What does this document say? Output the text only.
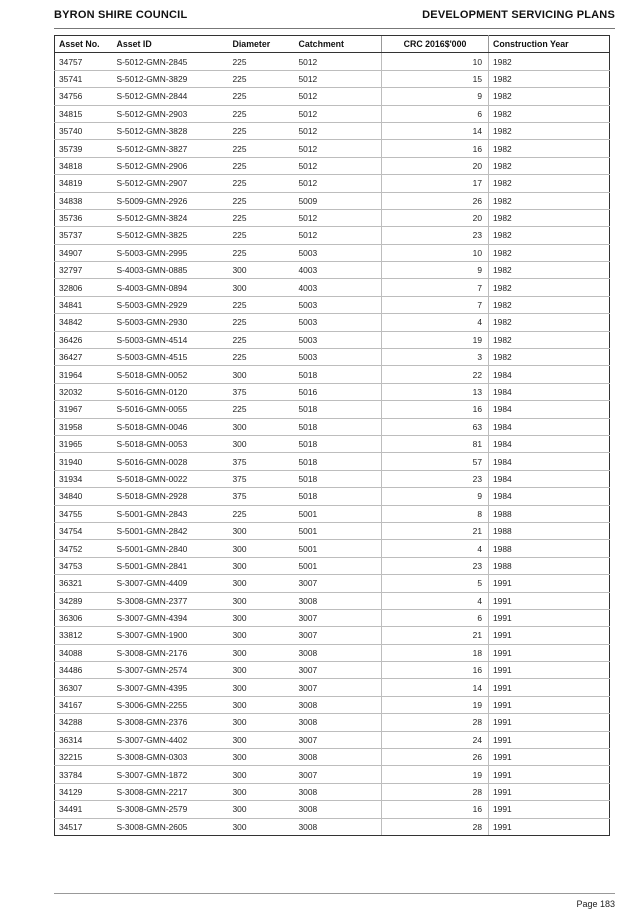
BYRON SHIRE COUNCIL	DEVELOPMENT SERVICING PLANS
Asset No.	Asset ID	Diameter	Catchment	CRC 2016$'000	Construction Year
34757	S-5012-GMN-2845	225	5012	10	1982
35741	S-5012-GMN-3829	225	5012	15	1982
34756	S-5012-GMN-2844	225	5012	9	1982
34815	S-5012-GMN-2903	225	5012	6	1982
35740	S-5012-GMN-3828	225	5012	14	1982
35739	S-5012-GMN-3827	225	5012	16	1982
34818	S-5012-GMN-2906	225	5012	20	1982
34819	S-5012-GMN-2907	225	5012	17	1982
34838	S-5009-GMN-2926	225	5009	26	1982
35736	S-5012-GMN-3824	225	5012	20	1982
35737	S-5012-GMN-3825	225	5012	23	1982
34907	S-5003-GMN-2995	225	5003	10	1982
32797	S-4003-GMN-0885	300	4003	9	1982
32806	S-4003-GMN-0894	300	4003	7	1982
34841	S-5003-GMN-2929	225	5003	7	1982
34842	S-5003-GMN-2930	225	5003	4	1982
36426	S-5003-GMN-4514	225	5003	19	1982
36427	S-5003-GMN-4515	225	5003	3	1982
31964	S-5018-GMN-0052	300	5018	22	1984
32032	S-5016-GMN-0120	375	5016	13	1984
31967	S-5016-GMN-0055	225	5018	16	1984
31958	S-5018-GMN-0046	300	5018	63	1984
31965	S-5018-GMN-0053	300	5018	81	1984
31940	S-5016-GMN-0028	375	5018	57	1984
31934	S-5018-GMN-0022	375	5018	23	1984
34840	S-5018-GMN-2928	375	5018	9	1984
34755	S-5001-GMN-2843	225	5001	8	1988
34754	S-5001-GMN-2842	300	5001	21	1988
34752	S-5001-GMN-2840	300	5001	4	1988
34753	S-5001-GMN-2841	300	5001	23	1988
36321	S-3007-GMN-4409	300	3007	5	1991
34289	S-3008-GMN-2377	300	3008	4	1991
36306	S-3007-GMN-4394	300	3007	6	1991
33812	S-3007-GMN-1900	300	3007	21	1991
34088	S-3008-GMN-2176	300	3008	18	1991
34486	S-3007-GMN-2574	300	3007	16	1991
36307	S-3007-GMN-4395	300	3007	14	1991
34167	S-3006-GMN-2255	300	3008	19	1991
34288	S-3008-GMN-2376	300	3008	28	1991
36314	S-3007-GMN-4402	300	3007	24	1991
32215	S-3008-GMN-0303	300	3008	26	1991
33784	S-3007-GMN-1872	300	3007	19	1991
34129	S-3008-GMN-2217	300	3008	28	1991
34491	S-3008-GMN-2579	300	3008	16	1991
34517	S-3008-GMN-2605	300	3008	28	1991
Page 183
